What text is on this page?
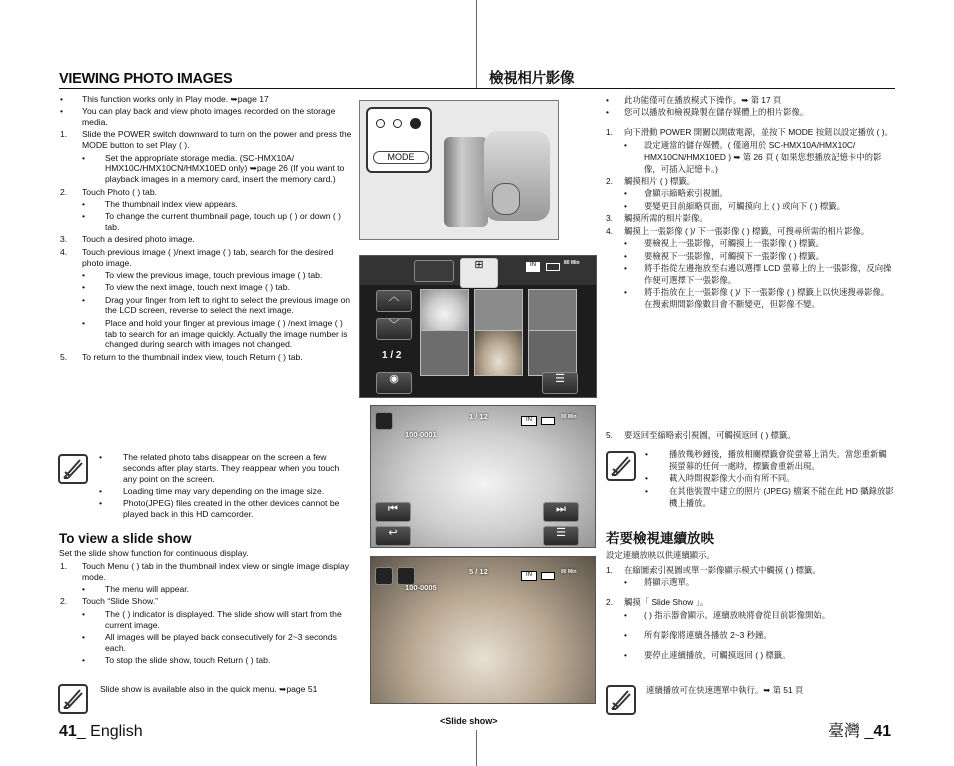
VIEWING PHOTO IMAGES
•	This function works only in Play mode. ➥page 17
•	You can play back and view photo images recorded on the storage media.
1.	Slide the POWER switch downward to turn on the power and press the MODE button to set Play ( ).
•	Set the appropriate storage media. (SC-HMX10A/ HMX10C/HMX10CN/HMX10ED only) ➥page 26 (If you want to playback images in a memory card, insert the memory card.)
2.	Touch Photo ( ) tab.
•	The thumbnail index view appears.
•	To change the current thumbnail page, touch up ( ) or down ( ) tab.
3.	Touch a desired photo image.
4.	Touch previous image ( )/next image ( ) tab, search for the desired photo image.
•	To view the previous image, touch previous image ( ) tab.
•	To view the next image, touch next image ( ) tab.
•	Drag your finger from left to right to select the previous image on the LCD screen, reverse to select the next image.
•	Place and hold your finger at previous image ( ) /next image ( ) tab to search for an image quickly. Actually the image number is changed during search with images not changed.
5.	To return to the thumbnail index view, touch Return ( ) tab.
•	The related photo tabs disappear on the screen a few seconds after play starts. They reappear when you touch any point on the screen.
•	Loading time may vary depending on the image size.
•	Photo(JPEG) files created in the other devices cannot be played back in this HD camcorder.
To view a slide show
Set the slide show function for continuous display.
1.	Touch Menu ( ) tab in the thumbnail index view or single image display mode.
•	The menu will appear.
2.	Touch “Slide Show.”
•	The ( ) indicator is displayed. The slide show will start from the current image.
•	All images will be played back consecutively for 2~3 seconds each.
•	To stop the slide show, touch Return ( ) tab.
Slide show is available also in the quick menu. ➥page 51
41_ English
MODE
⊞	IN	80 Min
︿
﹀
1 / 2
◉	☰
100-0001
1 / 12	IN	80 Min
⏮	⏭
↩	☰
100-0005
5 / 12	IN	80 Min
<Slide show>
檢視相片影像
•	此功能僅可在播放模式下操作。➥ 第 17 頁
•	您可以播放和檢視錄製在儲存媒體上的相片影像。
1.	向下滑動 POWER 開關以開啟電源，並按下 MODE 按鈕以設定播放 ( )。
•	設定適當的儲存媒體。( 僅適用於 SC-HMX10A/HMX10C/ HMX10CN/HMX10ED ) ➥ 第 26 頁 ( 如果您想播放記憶卡中的影像，可插入記憶卡。)
2.	觸摸相片 ( ) 標籤。
•	會顯示縮略索引視圖。
•	要變更目前縮略頁面，可觸摸向上 ( ) 或向下 ( ) 標籤。
3.	觸摸所需的相片影像。
4.	觸摸上一張影像 ( )/ 下一張影像 ( ) 標籤，可搜尋所需的相片影像。
•	要檢視上一張影像，可觸摸上一張影像 ( ) 標籤。
•	要檢視下一張影像，可觸摸下一張影像 ( ) 標籤。
•	將手指從左邊拖放至右邊以選擇 LCD 螢幕上的上一張影像，反向操作便可選擇下一張影像。
•	將手指放在上一張影像 ( )/ 下一張影像 ( ) 標籤上以快速搜尋影像。在搜索期間影像數目會不斷變更，但影像不變。
5.	要返回至縮略索引視圖，可觸摸返回 ( ) 標籤。
•	播放幾秒鐘後，播放相關標籤會從螢幕上消失。當您重新觸摸螢幕的任何一處時，標籤會重新出現。
•	載入時間視影像大小而有所不同。
•	在其他裝置中建立的照片 (JPEG) 檔案不能在此 HD 攝錄放影機上播放。
若要檢視連續放映
設定連續放映以供連續顯示。
1.	在縮圖索引視圖或單一影像顯示模式中觸摸 ( ) 標籤。
•	將顯示選單。
2.	觸摸「 Slide Show 」。
•	( ) 指示器會顯示。連續放映將會從目前影像開始。
•	所有影像將連續各播放 2~3 秒鐘。
•	要停止連續播放，可觸摸返回 ( ) 標籤。
連續播放可在快速選單中執行。➥ 第 51 頁
臺灣 _41
